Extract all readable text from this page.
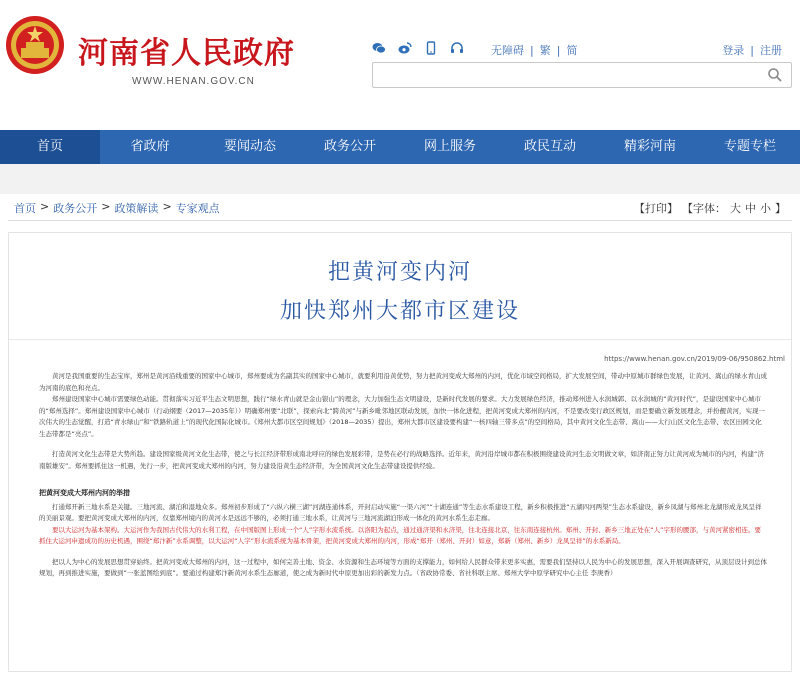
河南省人民政府
WWW.HENAN.GOV.CN
无障碍 | 繁 | 简	登录 | 注册
首页	省政府	要闻动态	政务公开	网上服务	政民互动	精彩河南	专题专栏
首页 > 政务公开 > 政策解读 > 专家观点	【打印】 【字体： 大 中 小 】
把黄河变内河
加快郑州大都市区建设
https://www.henan.gov.cn/2019/09-06/950862.html

黄河是我国重要的生态宝库，郑州是黄河沿线重要的国家中心城市，郑州要成为名副其实的国家中心城市，就要利用沿黄优势，努力把黄河变成大郑州的内河，优化市域空间格局，扩大发展空间，带动中原城市群绿色发展，让黄河、嵩山的绿水青山成为河南的底色和亮点。

郑州建设国家中心城市需要绿色动能。贯彻落实习近平生态文明思想，践行“绿水青山就是金山银山”的理念，大力加强生态文明建设，是新时代发展的要求。大力发展绿色经济，推动郑州进入水润城郭、以水润城的“黄河时代”，是建设国家中心城市的“郑州选择”。郑州建设国家中心城市（行动纲要（2017—2035年））明确郑州要“北联”，探索向北“跨黄河”与新乡毗邻地区联动发展，加快一体化进程，把黄河变成大郑州的内河，不是要改变行政区规划，而是要确立新发展理念，并扮靓黄河，实现一次伟大的生态觉醒，打造“青水绿山”和“铁路轨道上”的现代化国际化城市。《郑州大都市区空间规划》（2018—2035）提出，郑州大都市区建设要构建“一核四轴三带多点”的空间格局，其中黄河文化生态带、嵩山——太行山区文化生态带、农区田园文化生态带都是“亮点”。

打造黄河文化生态带是大势所趋。建设国家级黄河文化生态带，使之与长江经济带形成南北呼应的绿色发展彩带，是势在必行的战略选择。近年来，黄河沿岸城市都在积极围绕建设黄河生态文明做文章，如济南正努力让黄河成为城市的内河，构建“济南版雄安”。郑州要抓住这一机遇，先行一步，把黄河变成大郑州的内河，努力建设沿黄生态经济带，为全国黄河文化生态带建设提供经验。

把黄河变成大郑州内河的举措

打通郑开新三地水系是关键。三地河流、湖泊和湿地众多。郑州初步形成了“六纵六横三湖”河湖连通体系，开封启动实施“一渠六河”“十湖连通”等生态水系建设工程，新乡积极推进“五湖四河两渠”生态水系建设，新乡凤湖与郑州北龙湖形成龙凤呈祥的美丽景观。要把黄河变成大郑州的内河，仅靠郑州境内的黄河水是远远不够的，必须打通三地水系，让黄河与三地河流湖泊形成一体化的黄河水系生态走廊。

要以大运河为基本架构。大运河作为我国古代伟大的水利工程，在中国版图上形成一个“人”字形水流系统。以洛阳为起点，通过通济渠和永济渠，往北连接北京，往东南连接杭州。郑州、开封、新乡三地正处在“人”字形的腰部，与黄河紧密相连。要抓住大运河申遗成功的历史机遇，围绕“郑汴新”水系调整，以大运河“人字”形水流系统为基本骨架，把黄河变成大郑州的内河，形成“郑开（郑州、开封）如意，郑新（郑州、新乡）龙凤呈祥”的水系新局。

把以人为中心的发展思想贯穿始终。把黄河变成大郑州的内河，这一过程中，如何完善土地、资金、水资源和生态环境等方面的支撑能力，如何给人民群众带来更多实惠，需要我们坚持以人民为中心的发展思想，深入开展调查研究，从顶层设计到总体规划，再到推进实施，要做到“一张蓝图绘到底”。要通过构建郑汴新黄河水系生态廊道，使之成为新时代中原更加出彩的新发力点。（省政协常委、省社科联主席、郑州大学中原学研究中心主任 李庚香）
